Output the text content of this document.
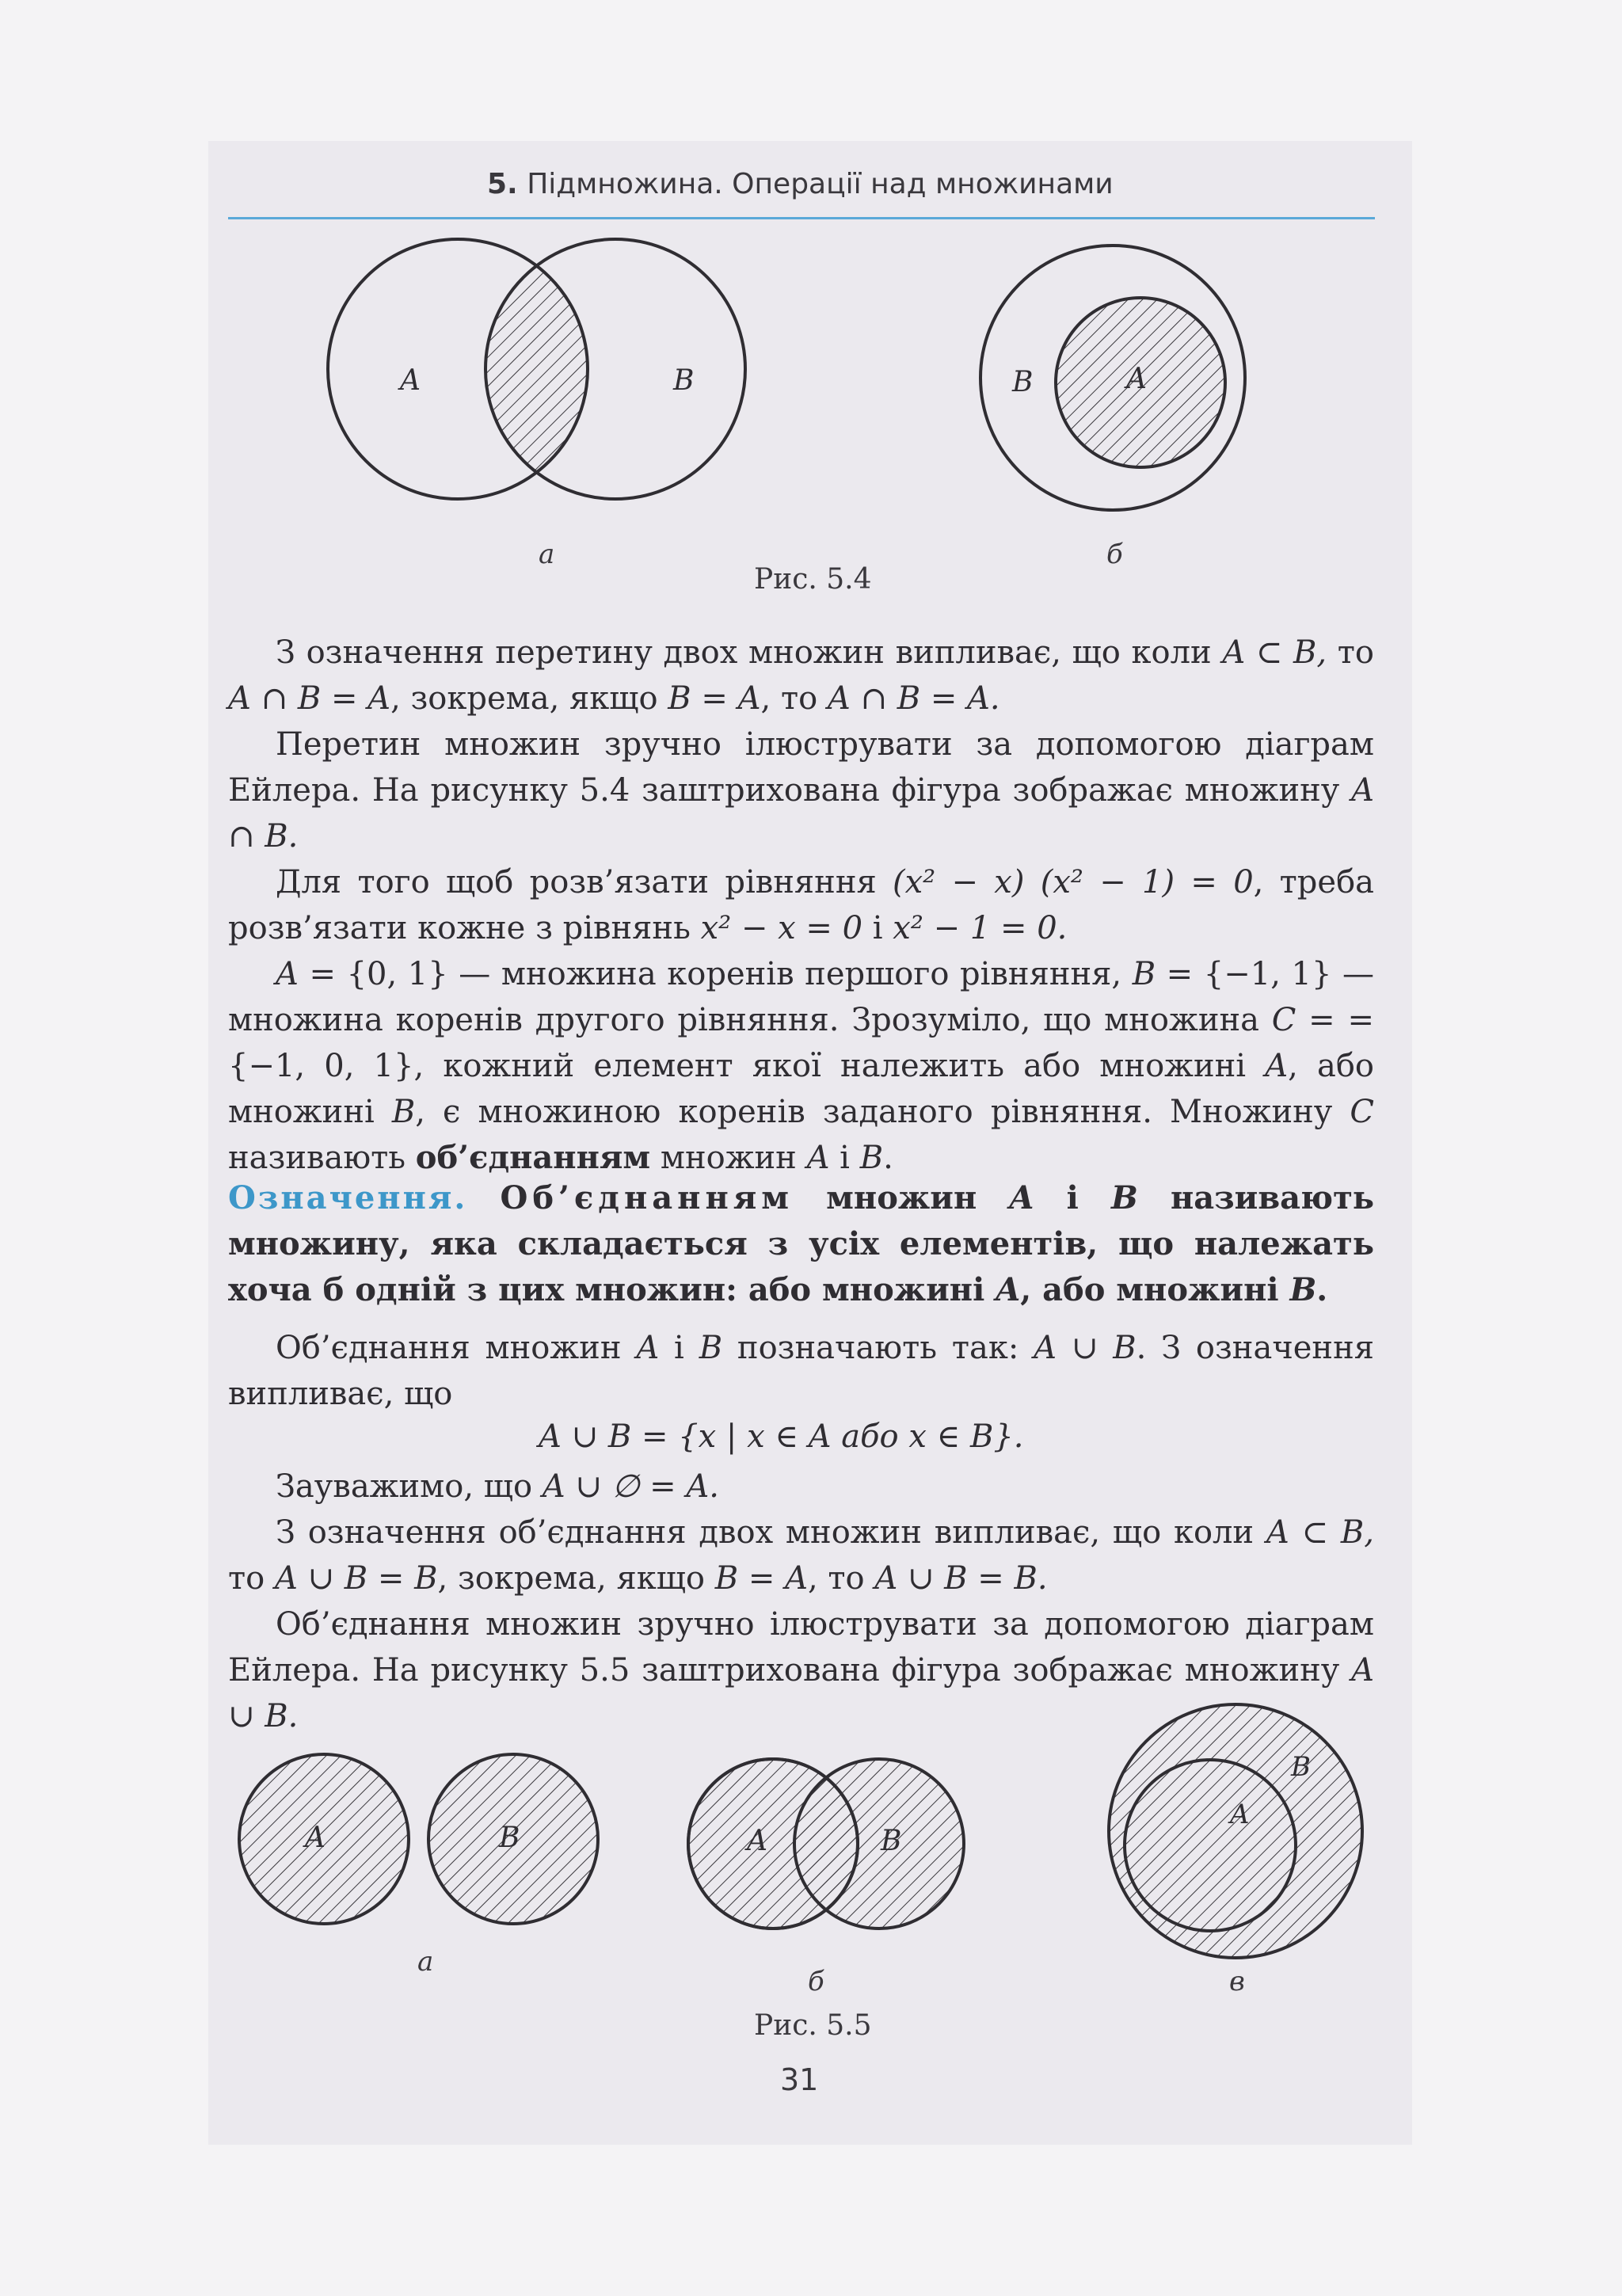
5. Підмножина. Операції над множинами
A	B	B	A
а	б
Рис. 5.4
З означення перетину двох множин випливає, що коли A ⊂ B, то A ∩ B = A, зокрема, якщо B = A, то A ∩ B = A.
Перетин множин зручно ілюструвати за допомогою діаграм Ейлера. На рисунку 5.4 заштрихована фігура зображає множину A ∩ B.
Для того щоб розв’язати рівняння (x² − x) (x² − 1) = 0, треба розв’язати кожне з рівнянь x² − x = 0 і x² − 1 = 0.
A = {0, 1} — множина коренів першого рівняння, B = {−1, 1} — множина коренів другого рівняння. Зрозуміло, що множина C = = {−1, 0, 1}, кожний елемент якої належить або множині A, або множині B, є множиною коренів заданого рівняння. Множину C називають об’єднанням множин A і B.
Означення. Об’єднанням множин A і B називають множину, яка складається з усіх елементів, що належать хоча б одній з цих множин: або множині A, або множині B.
Об’єднання множин A і B позначають так: A ∪ B. З означення випливає, що
A ∪ B = {x | x ∈ A або x ∈ B}.
Зауважимо, що A ∪ ∅ = A.
З означення об’єднання двох множин випливає, що коли A ⊂ B, то A ∪ B = B, зокрема, якщо B = A, то A ∪ B = B.
Об’єднання множин зручно ілюструвати за допомогою діаграм Ейлера. На рисунку 5.5 заштрихована фігура зображає множину A ∪ B.
A	B	A	B
B
A
а
б	в
Рис. 5.5
31
